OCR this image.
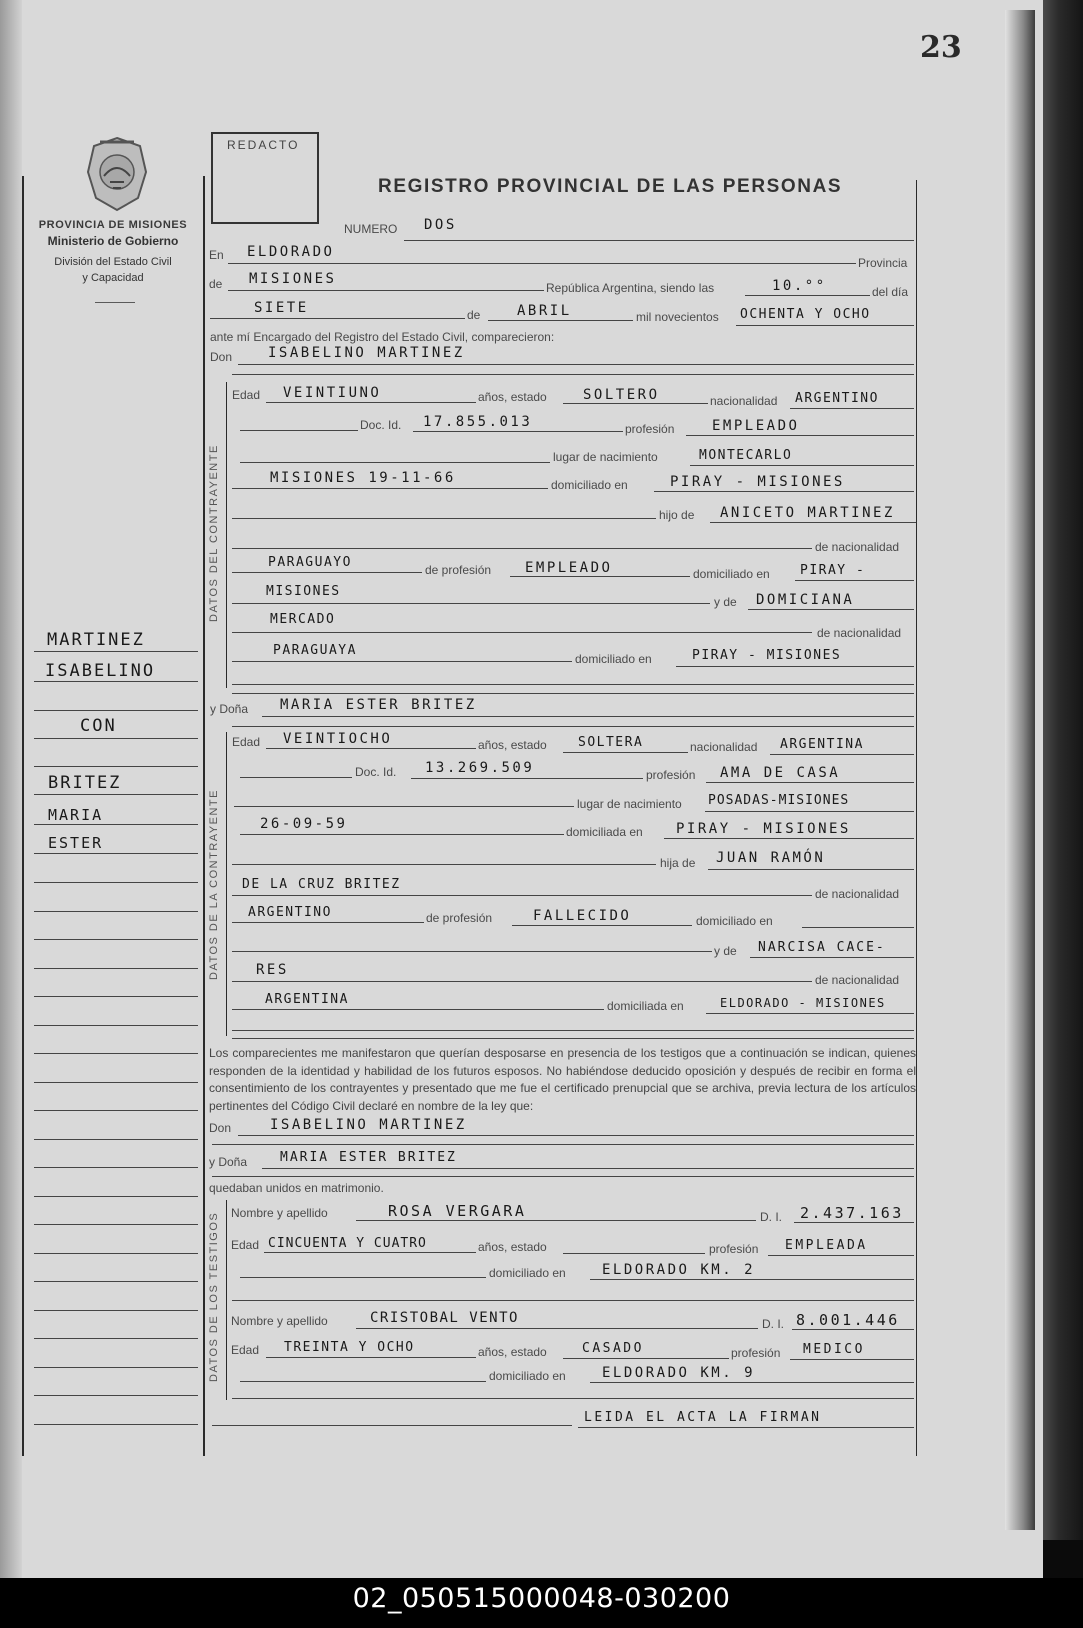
23
PROVINCIA DE MISIONES
Ministerio de Gobierno
División del Estado Civil
y Capacidad
REDACTO
REGISTRO PROVINCIAL DE LAS PERSONAS
NUMERO DOS
En ELDORADO
Provincia
de MISIONES
República Argentina, siendo las	10.°°	del día
SIETE	de	ABRIL	mil novecientos OCHENTA Y OCHO
ante mí Encargado del Registro del Estado Civil, comparecieron:
Don	ISABELINO MARTINEZ
DATOS DEL CONTRAYENTE
Edad VEINTIUNO	años, estado	SOLTERO	nacionalidad ARGENTINO
Doc. Id. 17.855.013	profesión	EMPLEADO
lugar de nacimiento	MONTECARLO
MISIONES 19-11-66	domiciliado en	PIRAY - MISIONES
hijo de ANICETO MARTINEZ
de nacionalidad
PARAGUAYO	de profesión EMPLEADO	domiciliado en PIRAY -
MISIONES
y de DOMICIANA
MERCADO
de nacionalidad
PARAGUAYA
domiciliado en	PIRAY - MISIONES
y Doña MARIA ESTER BRITEZ
DATOS DE LA CONTRAYENTE
Edad VEINTIOCHO	años, estado SOLTERA	nacionalidad ARGENTINA
Doc. Id. 13.269.509	profesión AMA DE CASA
lugar de nacimiento POSADAS-MISIONES
26-09-59	domiciliada en PIRAY - MISIONES
hija de JUAN RAMÓN
DE LA CRUZ BRITEZ
de nacionalidad
ARGENTINO	de profesión	FALLECIDO	domiciliado en
y de NARCISA CACE-
RES
de nacionalidad
ARGENTINA	domiciliada en	ELDORADO - MISIONES
Los comparecientes me manifestaron que querían desposarse en presencia de los testigos que a continuación se indican, quienes responden de la identidad y habilidad de los futuros esposos. No habiéndose deducido oposición y después de recibir en forma el consentimiento de los contrayentes y presentado que me fue el certificado prenupcial que se archiva, previa lectura de los artículos pertinentes del Código Civil declaré en nombre de la ley que:
Don	ISABELINO MARTINEZ
y Doña	MARIA ESTER BRITEZ
quedaban unidos en matrimonio.
DATOS DE LOS TESTIGOS Nombre y apellido	ROSA VERGARA	D. I. 2.437.163
Edad CINCUENTA Y CUATRO	años, estado	profesión EMPLEADA
domiciliado en	ELDORADO KM. 2
Nombre y apellido	CRISTOBAL VENTO	D. I. 8.001.446
Edad TREINTA Y OCHO	años, estado	CASADO	profesión MEDICO
domiciliado en	ELDORADO KM. 9
LEIDA EL ACTA LA FIRMAN
MARTINEZ
ISABELINO
CON
BRITEZ
MARIA
ESTER
02_050515000048-030200
